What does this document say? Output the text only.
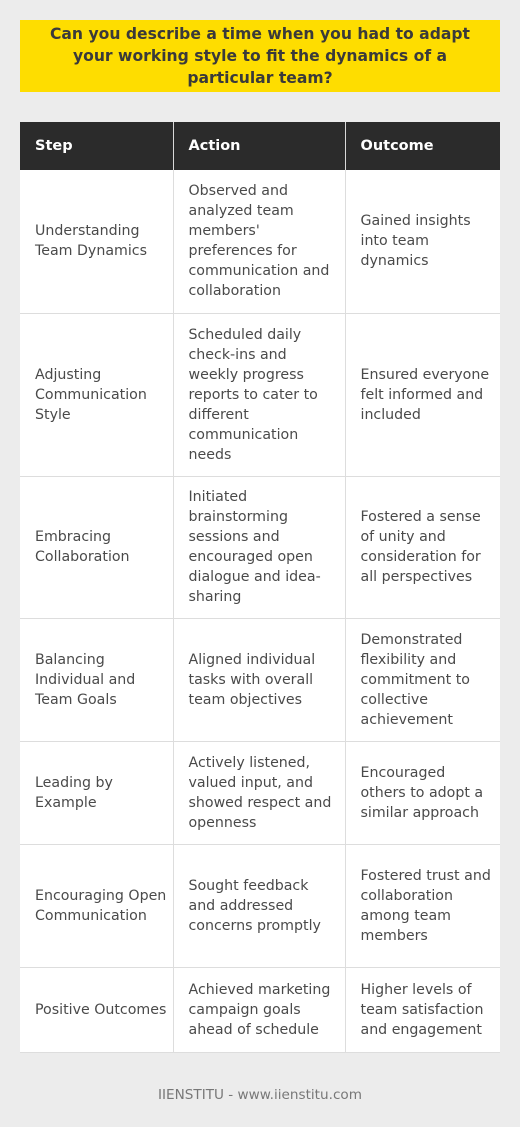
Can you describe a time when you had to adapt your working style to fit the dynamics of a particular team?
Step	Action	Outcome
Understanding Team Dynamics	Observed and analyzed team members' preferences for communication and collaboration	Gained insights into team dynamics
Adjusting Communication Style	Scheduled daily check-ins and weekly progress reports to cater to different communication needs	Ensured everyone felt informed and included
Embracing Collaboration	Initiated brainstorming sessions and encouraged open dialogue and idea-sharing	Fostered a sense of unity and consideration for all perspectives
Balancing Individual and Team Goals	Aligned individual tasks with overall team objectives	Demonstrated flexibility and commitment to collective achievement
Leading by Example	Actively listened, valued input, and showed respect and openness	Encouraged others to adopt a similar approach
Encouraging Open Communication	Sought feedback and addressed concerns promptly	Fostered trust and collaboration among team members
Positive Outcomes	Achieved marketing campaign goals ahead of schedule	Higher levels of team satisfaction and engagement
IIENSTITU - www.iienstitu.com
